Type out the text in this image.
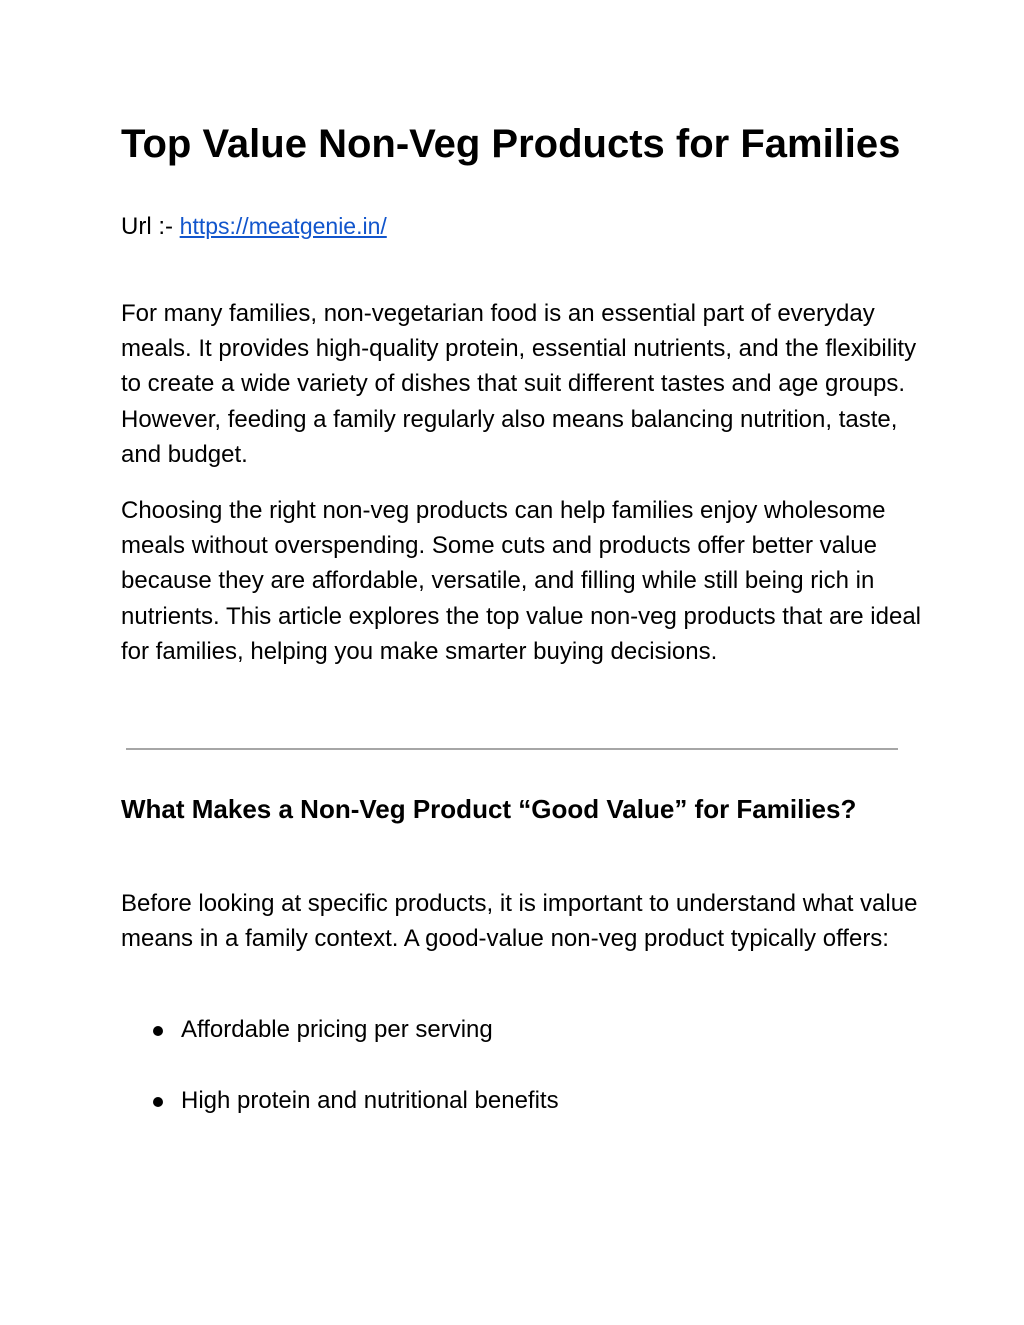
Top Value Non-Veg Products for Families

Url :- https://meatgenie.in/

For many families, non-vegetarian food is an essential part of everyday meals. It provides high-quality protein, essential nutrients, and the flexibility to create a wide variety of dishes that suit different tastes and age groups. However, feeding a family regularly also means balancing nutrition, taste, and budget.

Choosing the right non-veg products can help families enjoy wholesome meals without overspending. Some cuts and products offer better value because they are affordable, versatile, and filling while still being rich in nutrients. This article explores the top value non-veg products that are ideal for families, helping you make smarter buying decisions.

What Makes a Non-Veg Product “Good Value” for Families?

Before looking at specific products, it is important to understand what value means in a family context. A good-value non-veg product typically offers:

Affordable pricing per serving
High protein and nutritional benefits
